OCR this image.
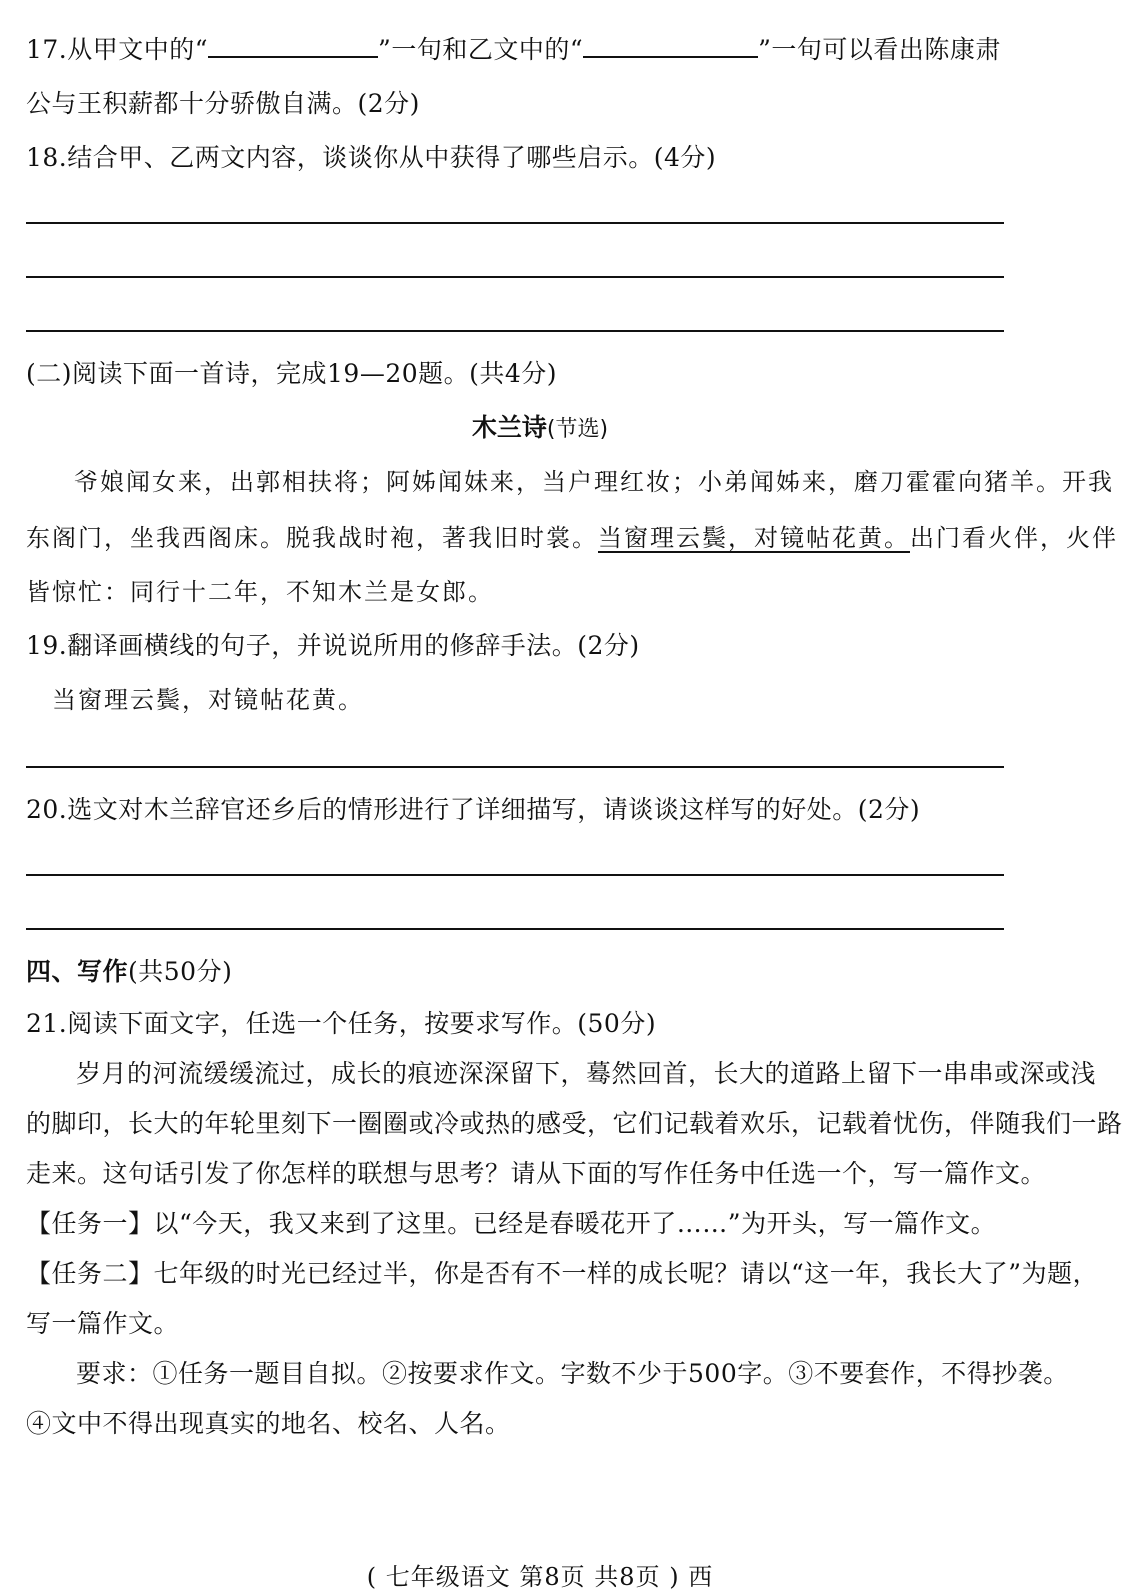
17.从甲文中的“	”一句和乙文中的“	”一句可以看出陈康肃
公与王积薪都十分骄傲自满。(2分)
18.结合甲、乙两文内容，谈谈你从中获得了哪些启示。(4分)
(二)阅读下面一首诗，完成19—20题。(共4分)
木兰诗(节选)
爷娘闻女来，出郭相扶将；阿姊闻妹来，当户理红妆；小弟闻姊来，磨刀霍霍向猪羊。开我
东阁门，坐我西阁床。脱我战时袍，著我旧时裳。当窗理云鬓，对镜帖花黄。出门看火伴，火伴
皆惊忙：同行十二年，不知木兰是女郎。
19.翻译画横线的句子，并说说所用的修辞手法。(2分)
当窗理云鬓，对镜帖花黄。
20.选文对木兰辞官还乡后的情形进行了详细描写，请谈谈这样写的好处。(2分)
四、写作(共50分)
21.阅读下面文字，任选一个任务，按要求写作。(50分)
岁月的河流缓缓流过，成长的痕迹深深留下，蓦然回首，长大的道路上留下一串串或深或浅
的脚印，长大的年轮里刻下一圈圈或冷或热的感受，它们记载着欢乐，记载着忧伤，伴随我们一路
走来。这句话引发了你怎样的联想与思考？请从下面的写作任务中任选一个，写一篇作文。
【任务一】以“今天，我又来到了这里。已经是春暖花开了……”为开头，写一篇作文。
【任务二】七年级的时光已经过半，你是否有不一样的成长呢？请以“这一年，我长大了”为题，
写一篇作文。
要求：①任务一题目自拟。②按要求作文。字数不少于500字。③不要套作，不得抄袭。
④文中不得出现真实的地名、校名、人名。
( 七年级语文 第8页 共8页 ) 西
